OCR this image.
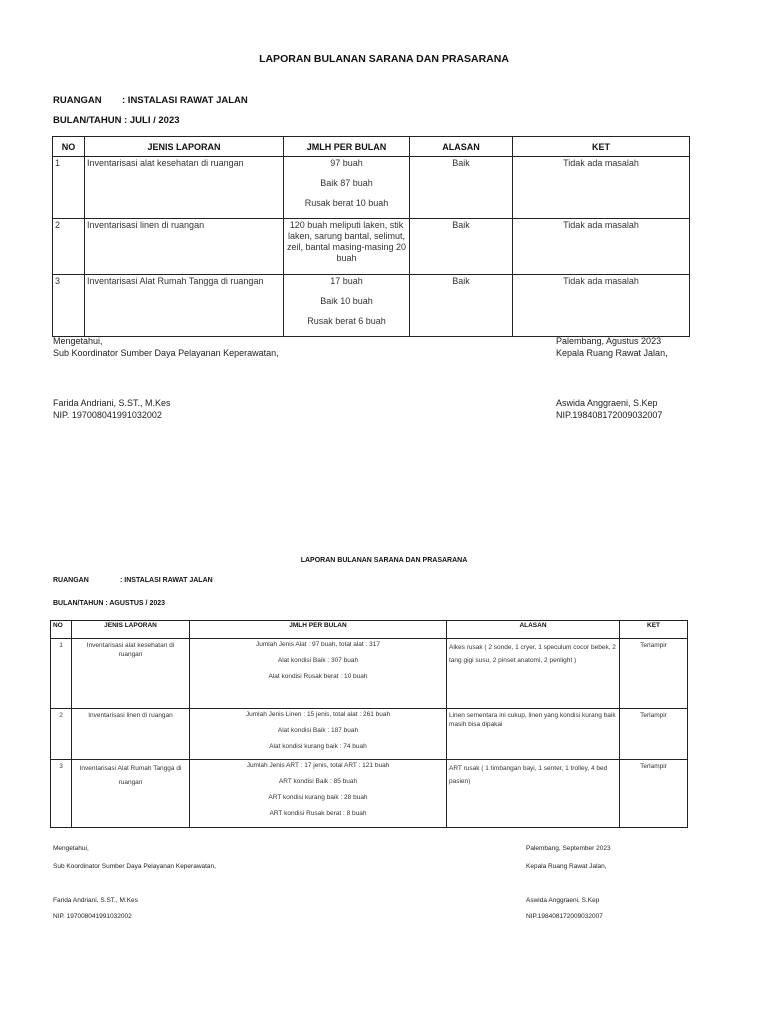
LAPORAN BULANAN SARANA DAN PRASARANA
RUANGAN : INSTALASI RAWAT JALAN
BULAN/TAHUN : JULI / 2023
NO	JENIS LAPORAN	JMLH PER BULAN	ALASAN	KET
1	Inventarisasi alat kesehatan di ruangan	97 buah

Baik 87 buah

Rusak berat 10 buah	Baik	Tidak ada masalah
2	Inventarisasi linen di ruangan	120 buah meliputi laken, stik laken, sarung bantal, selimut, zeil, bantal masing-masing 20 buah	Baik	Tidak ada masalah
3	Inventarisasi Alat Rumah Tangga di ruangan	17 buah

Baik 10 buah

Rusak berat 6 buah	Baik	Tidak ada masalah
Mengetahui,
Sub Koordinator Sumber Daya Pelayanan Keperawatan,
Farida Andriani, S.ST., M.Kes
NIP. 197008041991032002
Palembang, Agustus 2023
Kepala Ruang Rawat Jalan,
Aswida Anggraeni, S.Kep
NIP.198408172009032007
LAPORAN BULANAN SARANA DAN PRASARANA
RUANGAN	: INSTALASI RAWAT JALAN
BULAN/TAHUN : AGUSTUS / 2023
NO	JENIS LAPORAN	JMLH PER BULAN	ALASAN	KET
1	Inventarisasi alat kesehatan di ruangan	Jumlah Jenis Alat : 97 buah, total alat : 317

Alat kondisi Baik : 307 buah

Alat kondisi Rusak berat : 10 buah	Alkes rusak ( 2 sonde, 1 cryer, 1 speculum cocor bebek, 2 tang gigi susu, 2 pinset anatomi, 2 penlight )	Terlampir
2	Inventarisasi linen di ruangan	Jumlah Jenis Linen : 15 jenis, total alat : 261 buah

Alat kondisi Baik : 187 buah

Alat kondisi kurang baik : 74 buah	Linen sementara ini cukup, linen yang kondisi kurang baik masih bisa dipakai	Terlampir
3	Inventarisasi Alat Rumah Tangga di ruangan	Jumlah Jenis ART : 17 jenis, total ART : 121 buah

ART kondisi Baik : 85 buah

ART kondisi kurang baik : 28 buah

ART kondisi Rusak berat : 8 buah	ART rusak ( 1 timbangan bayi, 1 senter, 1 trolley, 4 bed pasien)	Terlampir
Mengetahui,
Sub Koordinator Sumber Daya Pelayanan Keperawatan,
Farida Andriani, S.ST., M.Kes
NIP. 197008041991032002
Palembang, September 2023
Kepala Ruang Rawat Jalan,
Aswida Anggraeni, S.Kep
NIP.198408172009032007
